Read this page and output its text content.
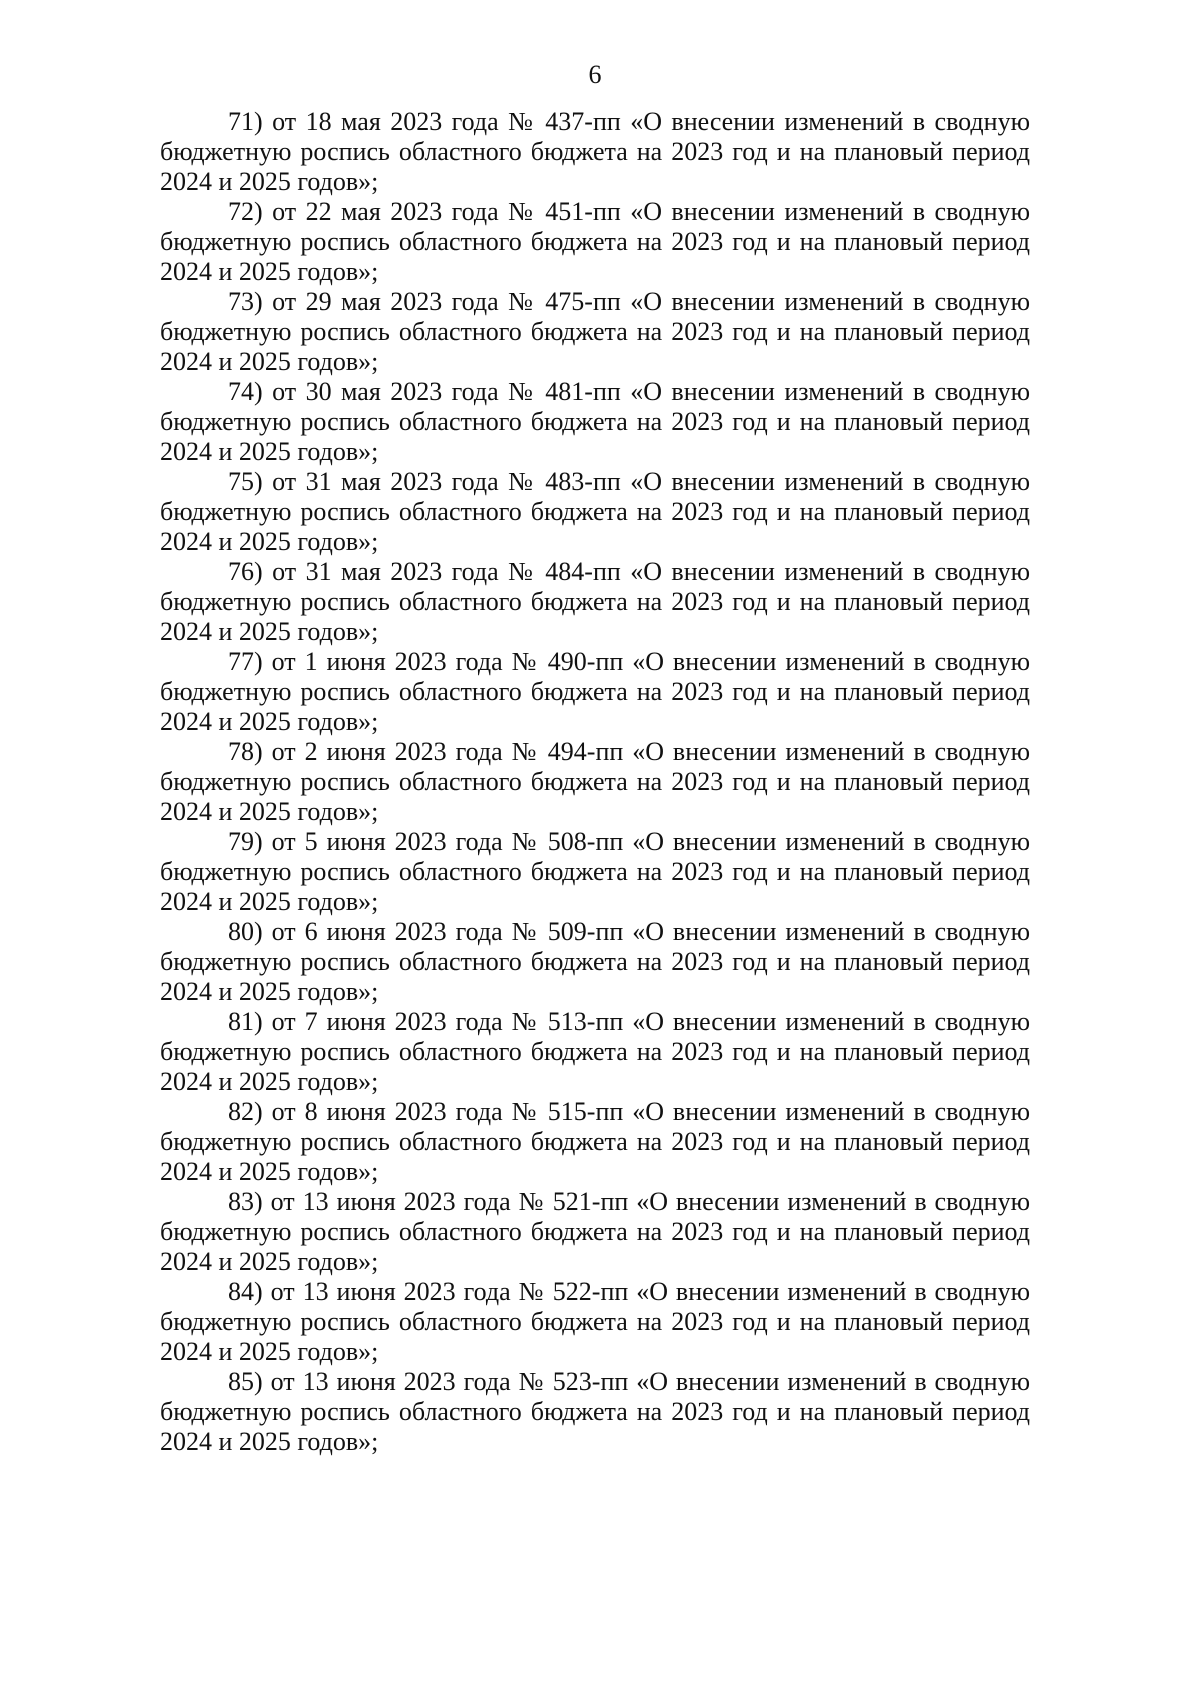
6
71) от 18 мая 2023 года № 437-пп «О внесении изменений в сводную
бюджетную роспись областного бюджета на 2023 год и на плановый период
2024 и 2025 годов»;
72) от 22 мая 2023 года № 451-пп «О внесении изменений в сводную
бюджетную роспись областного бюджета на 2023 год и на плановый период
2024 и 2025 годов»;
73) от 29 мая 2023 года № 475-пп «О внесении изменений в сводную
бюджетную роспись областного бюджета на 2023 год и на плановый период
2024 и 2025 годов»;
74) от 30 мая 2023 года № 481-пп «О внесении изменений в сводную
бюджетную роспись областного бюджета на 2023 год и на плановый период
2024 и 2025 годов»;
75) от 31 мая 2023 года № 483-пп «О внесении изменений в сводную
бюджетную роспись областного бюджета на 2023 год и на плановый период
2024 и 2025 годов»;
76) от 31 мая 2023 года № 484-пп «О внесении изменений в сводную
бюджетную роспись областного бюджета на 2023 год и на плановый период
2024 и 2025 годов»;
77) от 1 июня 2023 года № 490-пп «О внесении изменений в сводную
бюджетную роспись областного бюджета на 2023 год и на плановый период
2024 и 2025 годов»;
78) от 2 июня 2023 года № 494-пп «О внесении изменений в сводную
бюджетную роспись областного бюджета на 2023 год и на плановый период
2024 и 2025 годов»;
79) от 5 июня 2023 года № 508-пп «О внесении изменений в сводную
бюджетную роспись областного бюджета на 2023 год и на плановый период
2024 и 2025 годов»;
80) от 6 июня 2023 года № 509-пп «О внесении изменений в сводную
бюджетную роспись областного бюджета на 2023 год и на плановый период
2024 и 2025 годов»;
81) от 7 июня 2023 года № 513-пп «О внесении изменений в сводную
бюджетную роспись областного бюджета на 2023 год и на плановый период
2024 и 2025 годов»;
82) от 8 июня 2023 года № 515-пп «О внесении изменений в сводную
бюджетную роспись областного бюджета на 2023 год и на плановый период
2024 и 2025 годов»;
83) от 13 июня 2023 года № 521-пп «О внесении изменений в сводную
бюджетную роспись областного бюджета на 2023 год и на плановый период
2024 и 2025 годов»;
84) от 13 июня 2023 года № 522-пп «О внесении изменений в сводную
бюджетную роспись областного бюджета на 2023 год и на плановый период
2024 и 2025 годов»;
85) от 13 июня 2023 года № 523-пп «О внесении изменений в сводную
бюджетную роспись областного бюджета на 2023 год и на плановый период
2024 и 2025 годов»;
